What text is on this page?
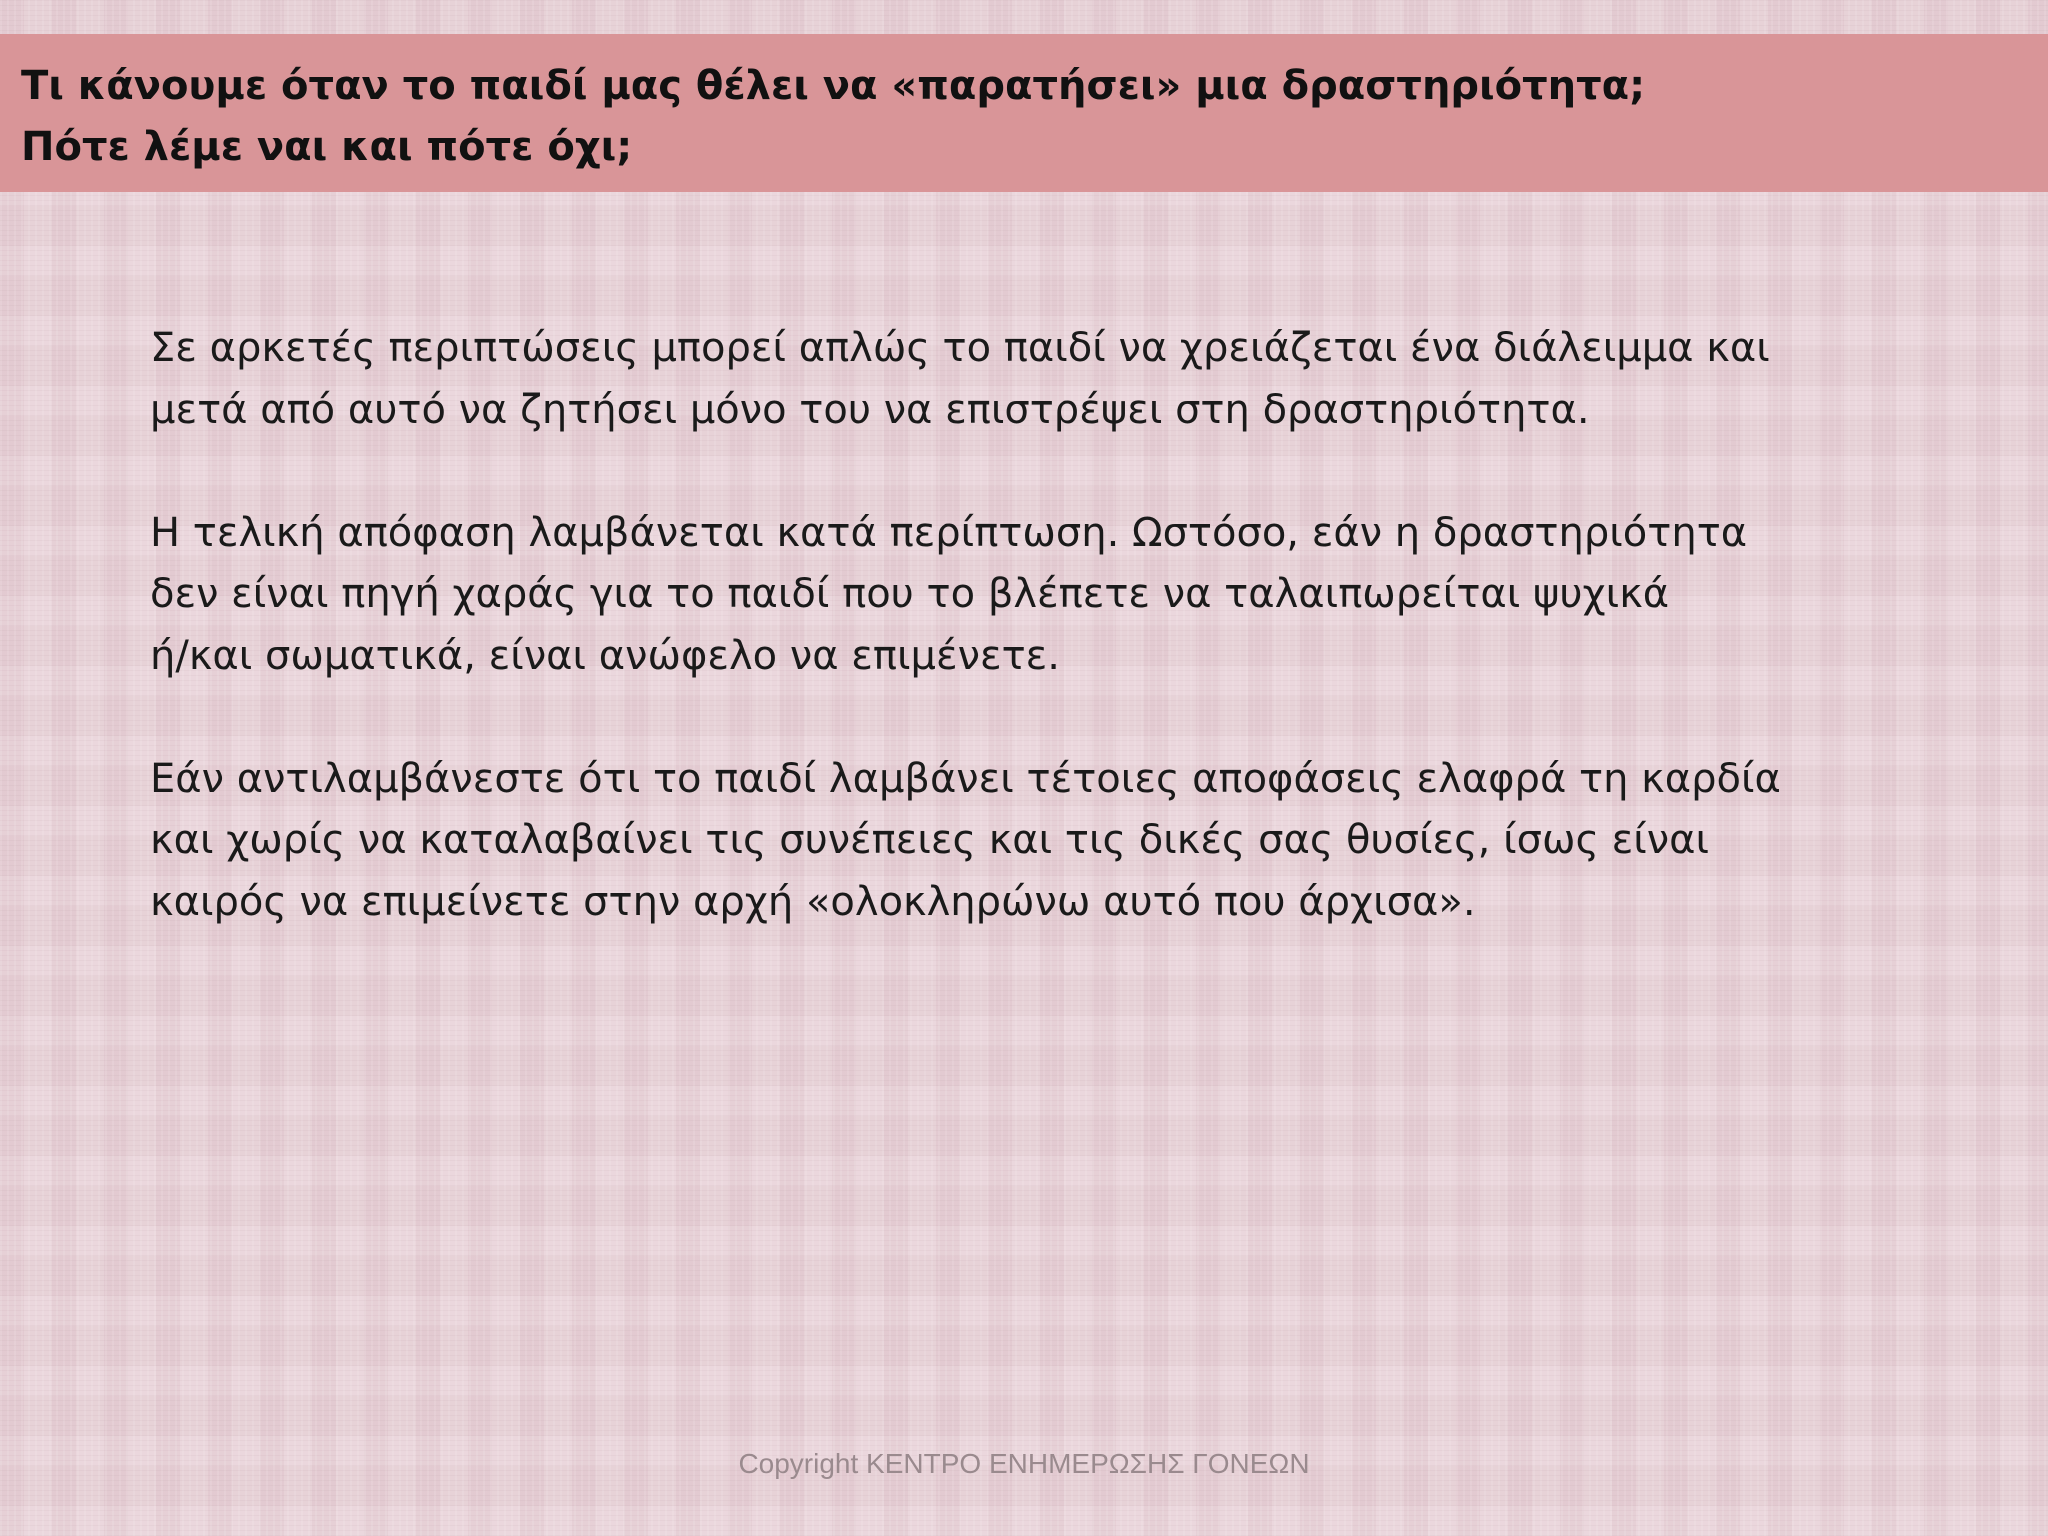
Τι κάνουμε όταν το παιδί μας θέλει να «παρατήσει» μια δραστηριότητα;
Πότε λέμε ναι και πότε όχι;

Σε αρκετές περιπτώσεις μπορεί απλώς το παιδί να χρειάζεται ένα διάλειμμα και
μετά από αυτό να ζητήσει μόνο του να επιστρέψει στη δραστηριότητα.

Η τελική απόφαση λαμβάνεται κατά περίπτωση. Ωστόσο, εάν η δραστηριότητα
δεν είναι πηγή χαράς για το παιδί που το βλέπετε να ταλαιπωρείται ψυχικά
ή/και σωματικά, είναι ανώφελο να επιμένετε.

Εάν αντιλαμβάνεστε ότι το παιδί λαμβάνει τέτοιες αποφάσεις ελαφρά τη καρδία
και χωρίς να καταλαβαίνει τις συνέπειες και τις δικές σας θυσίες, ίσως είναι
καιρός να επιμείνετε στην αρχή «ολοκληρώνω αυτό που άρχισα».

Copyright ΚΕΝΤΡΟ ΕΝΗΜΕΡΩΣΗΣ ΓΟΝΕΩΝ
